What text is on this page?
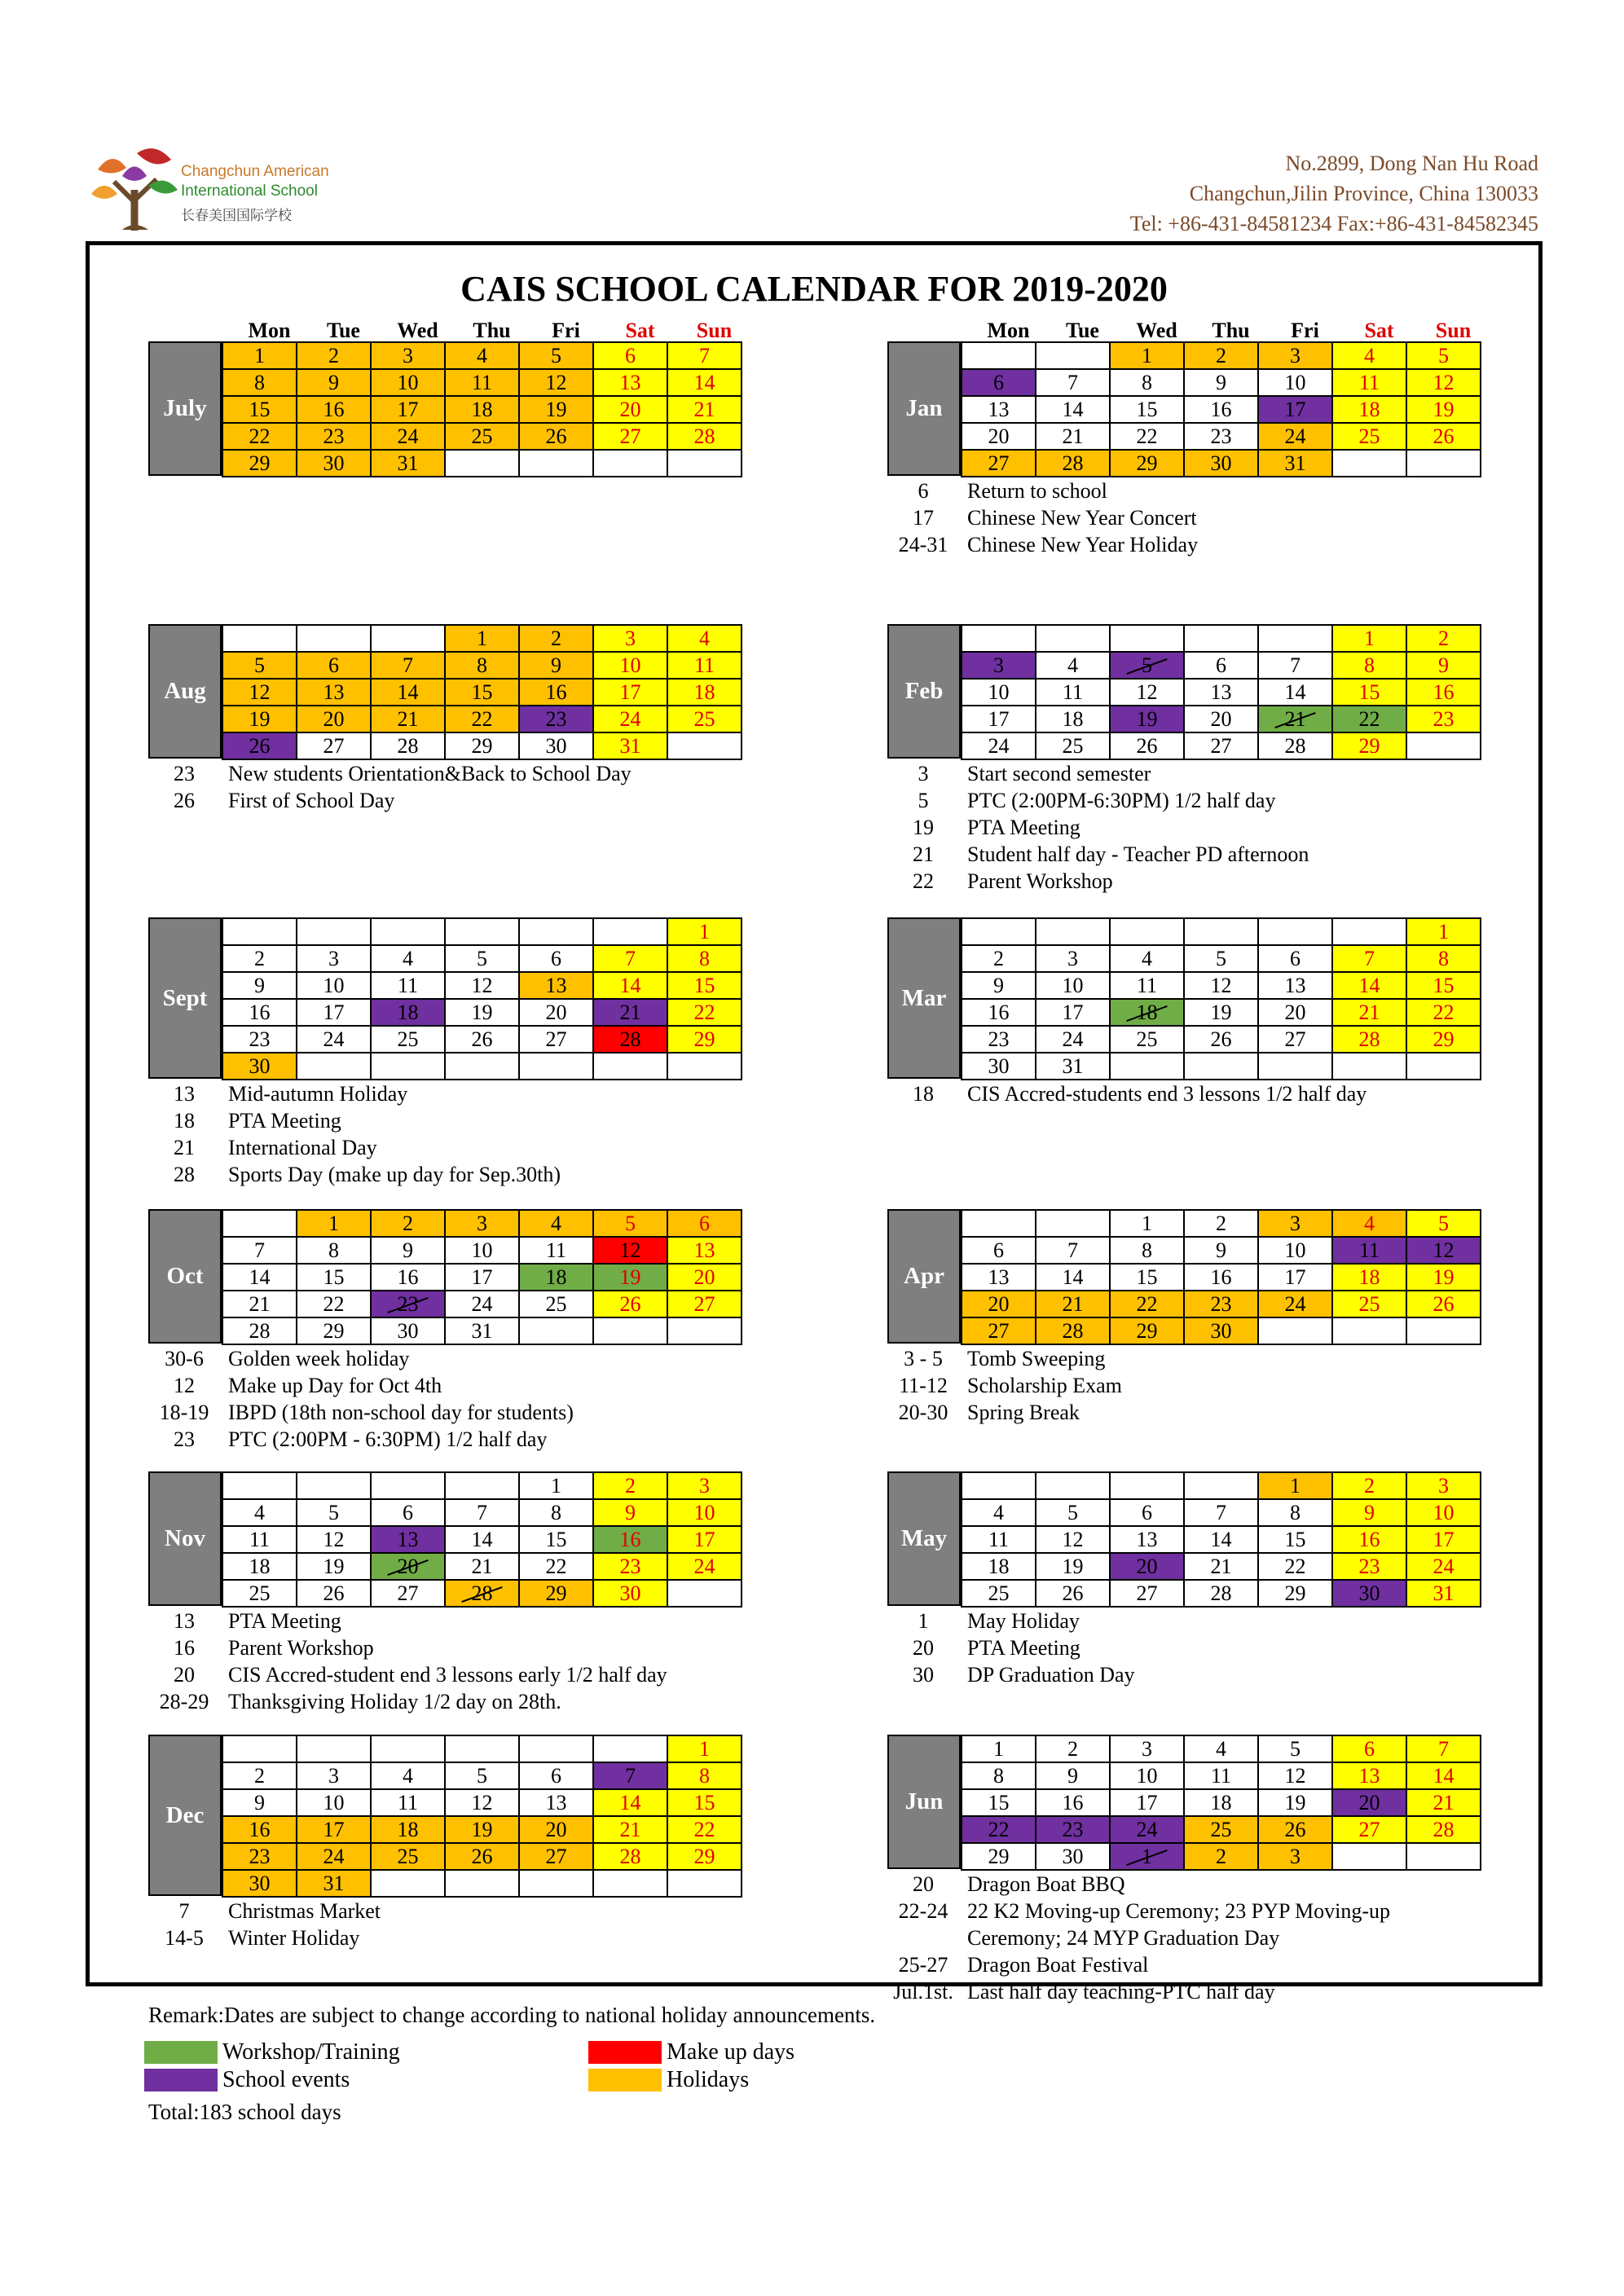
Changchun American
International School
长春美国国际学校
No.2899, Dong Nan Hu Road
Changchun,Jilin Province, China 130033
Tel: +86-431-84581234 Fax:+86-431-84582345
CAIS SCHOOL CALENDAR FOR 2019-2020
Mon	Tue	Wed	Thu	Fri	Sat	Sun	Mon	Tue	Wed	Thu	Fri	Sat	Sun
July
1	2	3	4	5	6	7
8	9	10	11	12	13	14
15	16	17	18	19	20	21
22	23	24	25	26	27	28
29	30	31				
Jan
		1	2	3	4	5
6	7	8	9	10	11	12
13	14	15	16	17	18	19
20	21	22	23	24	25	26
27	28	29	30	31		
6	Return to school
17	Chinese New Year Concert
24-31 Chinese New Year Holiday
Aug
			1	2	3	4
5	6	7	8	9	10	11
12	13	14	15	16	17	18
19	20	21	22	23	24	25
26	27	28	29	30	31	
23	New students Orientation&Back to School Day
26	First of School Day
Feb
					1	2
3	4	5	6	7	8	9
10	11	12	13	14	15	16
17	18	19	20	21	22	23
24	25	26	27	28	29	
3	Start second semester
5	PTC (2:00PM-6:30PM) 1/2 half day
19	PTA Meeting
21	Student half day - Teacher PD afternoon
22	Parent Workshop
Sept
						1
2	3	4	5	6	7	8
9	10	11	12	13	14	15
16	17	18	19	20	21	22
23	24	25	26	27	28	29
30						
13	Mid-autumn Holiday
18	PTA Meeting
21	International Day
28	Sports Day (make up day for Sep.30th)
Mar
						1
2	3	4	5	6	7	8
9	10	11	12	13	14	15
16	17	18	19	20	21	22
23	24	25	26	27	28	29
30	31					
18	CIS Accred-students end 3 lessons 1/2 half day
Oct
	1	2	3	4	5	6
7	8	9	10	11	12	13
14	15	16	17	18	19	20
21	22	23	24	25	26	27
28	29	30	31			
30-6	Golden week holiday
12	Make up Day for Oct 4th
18-19 IBPD (18th non-school day for students)
23	PTC (2:00PM - 6:30PM) 1/2 half day
Apr
		1	2	3	4	5
6	7	8	9	10	11	12
13	14	15	16	17	18	19
20	21	22	23	24	25	26
27	28	29	30			
3 - 5	Tomb Sweeping
11-12 Scholarship Exam
20-30 Spring Break
Nov
				1	2	3
4	5	6	7	8	9	10
11	12	13	14	15	16	17
18	19	20	21	22	23	24
25	26	27	28	29	30	
13	PTA Meeting
16	Parent Workshop
20	CIS Accred-student end 3 lessons early 1/2 half day
28-29 Thanksgiving Holiday 1/2 day on 28th.
May
				1	2	3
4	5	6	7	8	9	10
11	12	13	14	15	16	17
18	19	20	21	22	23	24
25	26	27	28	29	30	31
1	May Holiday
20	PTA Meeting
30	DP Graduation Day
Dec
						1
2	3	4	5	6	7	8
9	10	11	12	13	14	15
16	17	18	19	20	21	22
23	24	25	26	27	28	29
30	31					
7	Christmas Market
14-5	Winter Holiday
Jun
1	2	3	4	5	6	7
8	9	10	11	12	13	14
15	16	17	18	19	20	21
22	23	24	25	26	27	28
29	30	1	2	3		
20	Dragon Boat BBQ
22-24 22 K2 Moving-up Ceremony; 23 PYP Moving-up
Ceremony; 24 MYP Graduation Day
25-27 Dragon Boat Festival
Jul.1st. Last half day teaching-PTC half day
Remark:Dates are subject to change according to national holiday announcements.
Workshop/Training
School events
Make up days
Holidays
Total:183 school days
